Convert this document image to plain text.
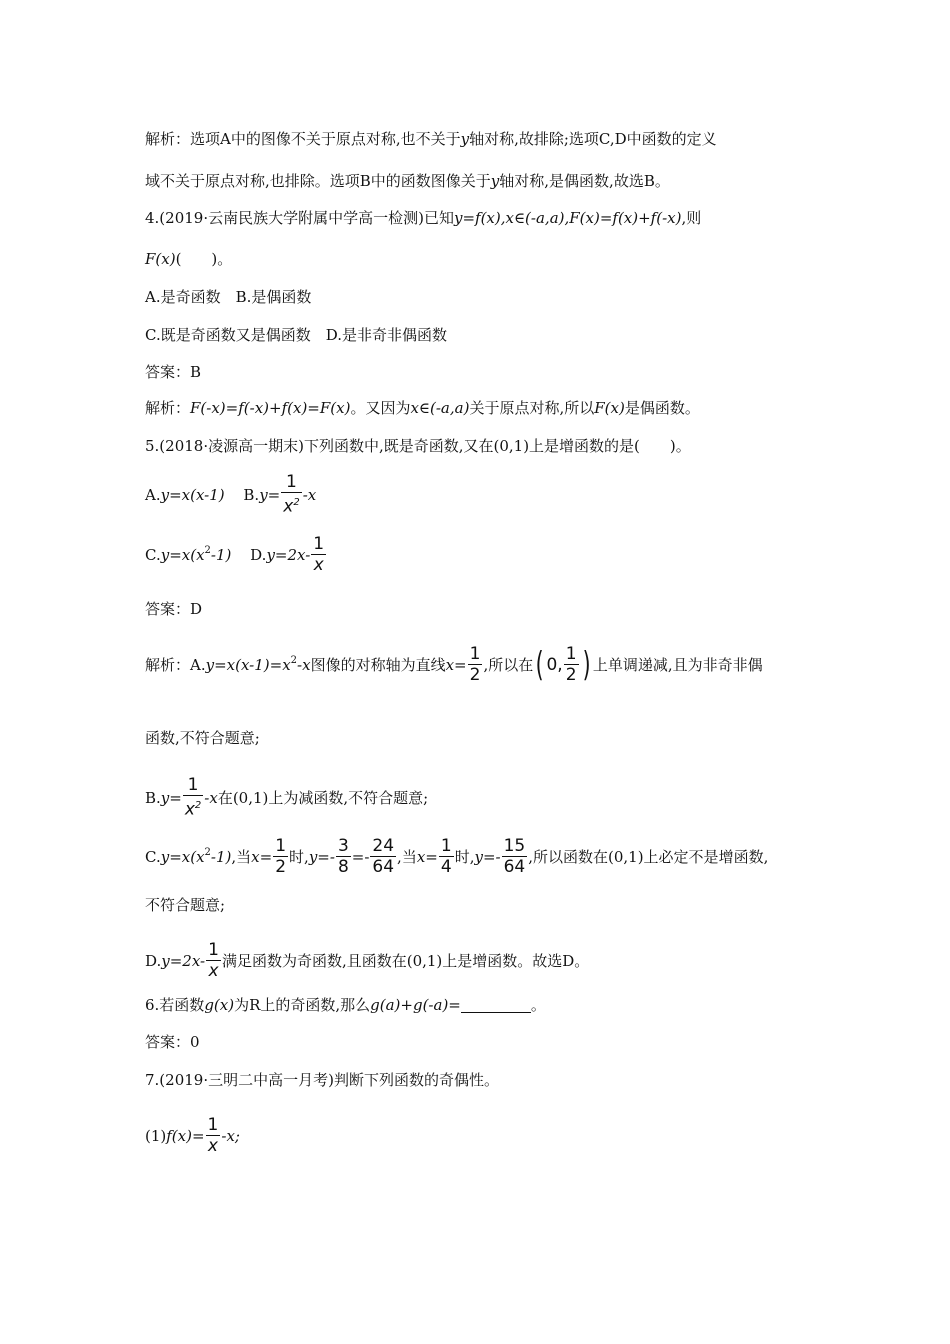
解析：选项A中的图像不关于原点对称,也不关于y轴对称,故排除;选项C,D中函数的定义
域不关于原点对称,也排除。选项B中的函数图像关于y轴对称,是偶函数,故选B。
4.(2019·云南民族大学附属中学高一检测)已知y=f(x),x∈(-a,a),F(x)=f(x)+f(-x),则
F(x)(　　)。
A.是奇函数　B.是偶函数
C.既是奇函数又是偶函数　D.是非奇非偶函数
答案：B
解析：F(-x)=f(-x)+f(x)=F(x)。又因为x∈(-a,a)关于原点对称,所以F(x)是偶函数。
5.(2018·凌源高一期末)下列函数中,既是奇函数,又在(0,1)上是增函数的是(　　)。
A.y=x(x-1) $B.y= \frac{1}{x^2} -x$
$C.y=x(x^2-1)$ $D.y=2x- \frac{1}{x}$
答案：D
解析：$A.y=x(x-1)=x^2-x$图像的对称轴为直线$x= \frac{1}{2}$ ,所以在( 0, $\frac{1}{2}$ ) 上单调递减,且为非奇非偶
函数,不符合题意;
$B.y= \frac{1}{x^2} -x$在(0,1)上为减函数,不符合题意;
$C.y=x(x^2-1)$,当$x= \frac{1}{2}$ 时$,y=- \frac{3}{8} =- \frac{24}{64}$ ,当$x= \frac{1}{4}$ 时$,y=- \frac{15}{64}$ ,所以函数在(0,1)上必定不是增函数,
不符合题意;
$D.y=2x- \frac{1}{x}$ 满足函数为奇函数,且函数在(0,1)上是增函数。故选D。
6.若函数g(x)为R上的奇函数,那么g(a)+g(-a)=	。
答案：0
7.(2019·三明二中高一月考)判断下列函数的奇偶性。
$(1)f(x)= \frac{1}{x} -x$;
